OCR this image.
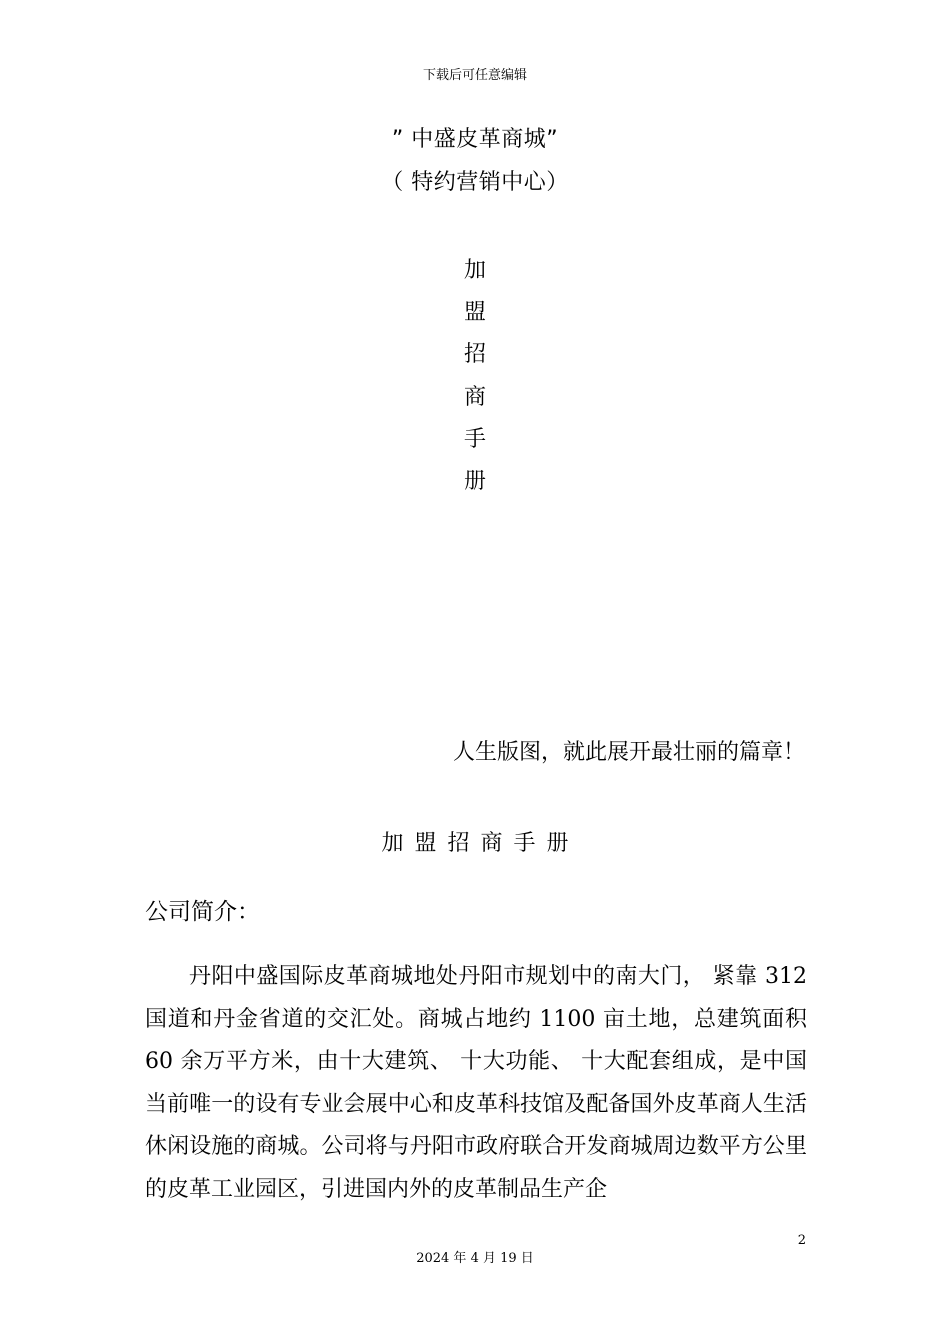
下载后可任意编辑
” 中盛皮革商城”
（ 特约营销中心）
加
盟
招
商
手
册
人生版图，就此展开最壮丽的篇章！
加盟招商手册
公司简介：
丹阳中盛国际皮革商城地处丹阳市规划中的南大门， 紧靠 312 国道和丹金省道的交汇处。商城占地约 1100 亩土地，总建筑面积 60 余万平方米，由十大建筑、 十大功能、 十大配套组成，是中国当前唯一的设有专业会展中心和皮革科技馆及配备国外皮革商人生活休闲设施的商城。公司将与丹阳市政府联合开发商城周边数平方公里的皮革工业园区，引进国内外的皮革制品生产企
2
2024 年 4 月 19 日
